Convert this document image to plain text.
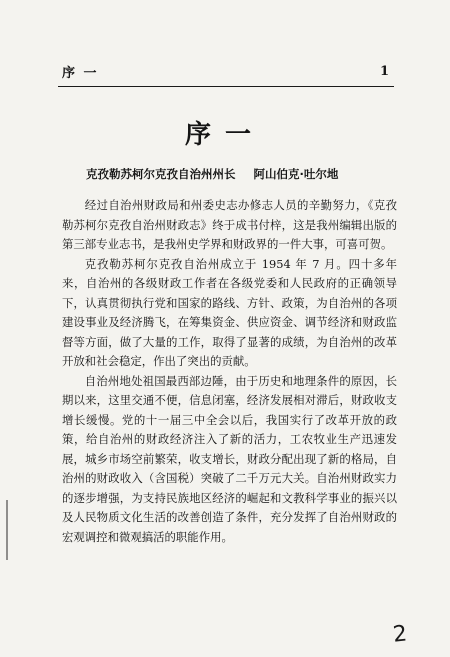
序 一	1
序一
克孜勒苏柯尔克孜自治州州长 阿山伯克·吐尔地

经过自治州财政局和州委史志办修志人员的辛勤努力，《克孜勒苏柯尔克孜自治州财政志》终于成书付梓，这是我州编辑出版的第三部专业志书，是我州史学界和财政界的一件大事，可喜可贺。

克孜勒苏柯尔克孜自治州成立于 1954 年 7 月。四十多年来，自治州的各级财政工作者在各级党委和人民政府的正确领导下，认真贯彻执行党和国家的路线、方针、政策，为自治州的各项建设事业及经济腾飞，在筹集资金、供应资金、调节经济和财政监督等方面，做了大量的工作，取得了显著的成绩，为自治州的改革开放和社会稳定，作出了突出的贡献。

自治州地处祖国最西部边陲，由于历史和地理条件的原因，长期以来，这里交通不便，信息闭塞，经济发展相对滞后，财政收支增长缓慢。党的十一届三中全会以后，我国实行了改革开放的政策，给自治州的财政经济注入了新的活力，工农牧业生产迅速发展，城乡市场空前繁荣，收支增长，财政分配出现了新的格局，自治州的财政收入（含国税）突破了二千万元大关。自治州财政实力的逐步增强，为支持民族地区经济的崛起和文教科学事业的振兴以及人民物质文化生活的改善创造了条件，充分发挥了自治州财政的宏观调控和微观搞活的职能作用。

2
